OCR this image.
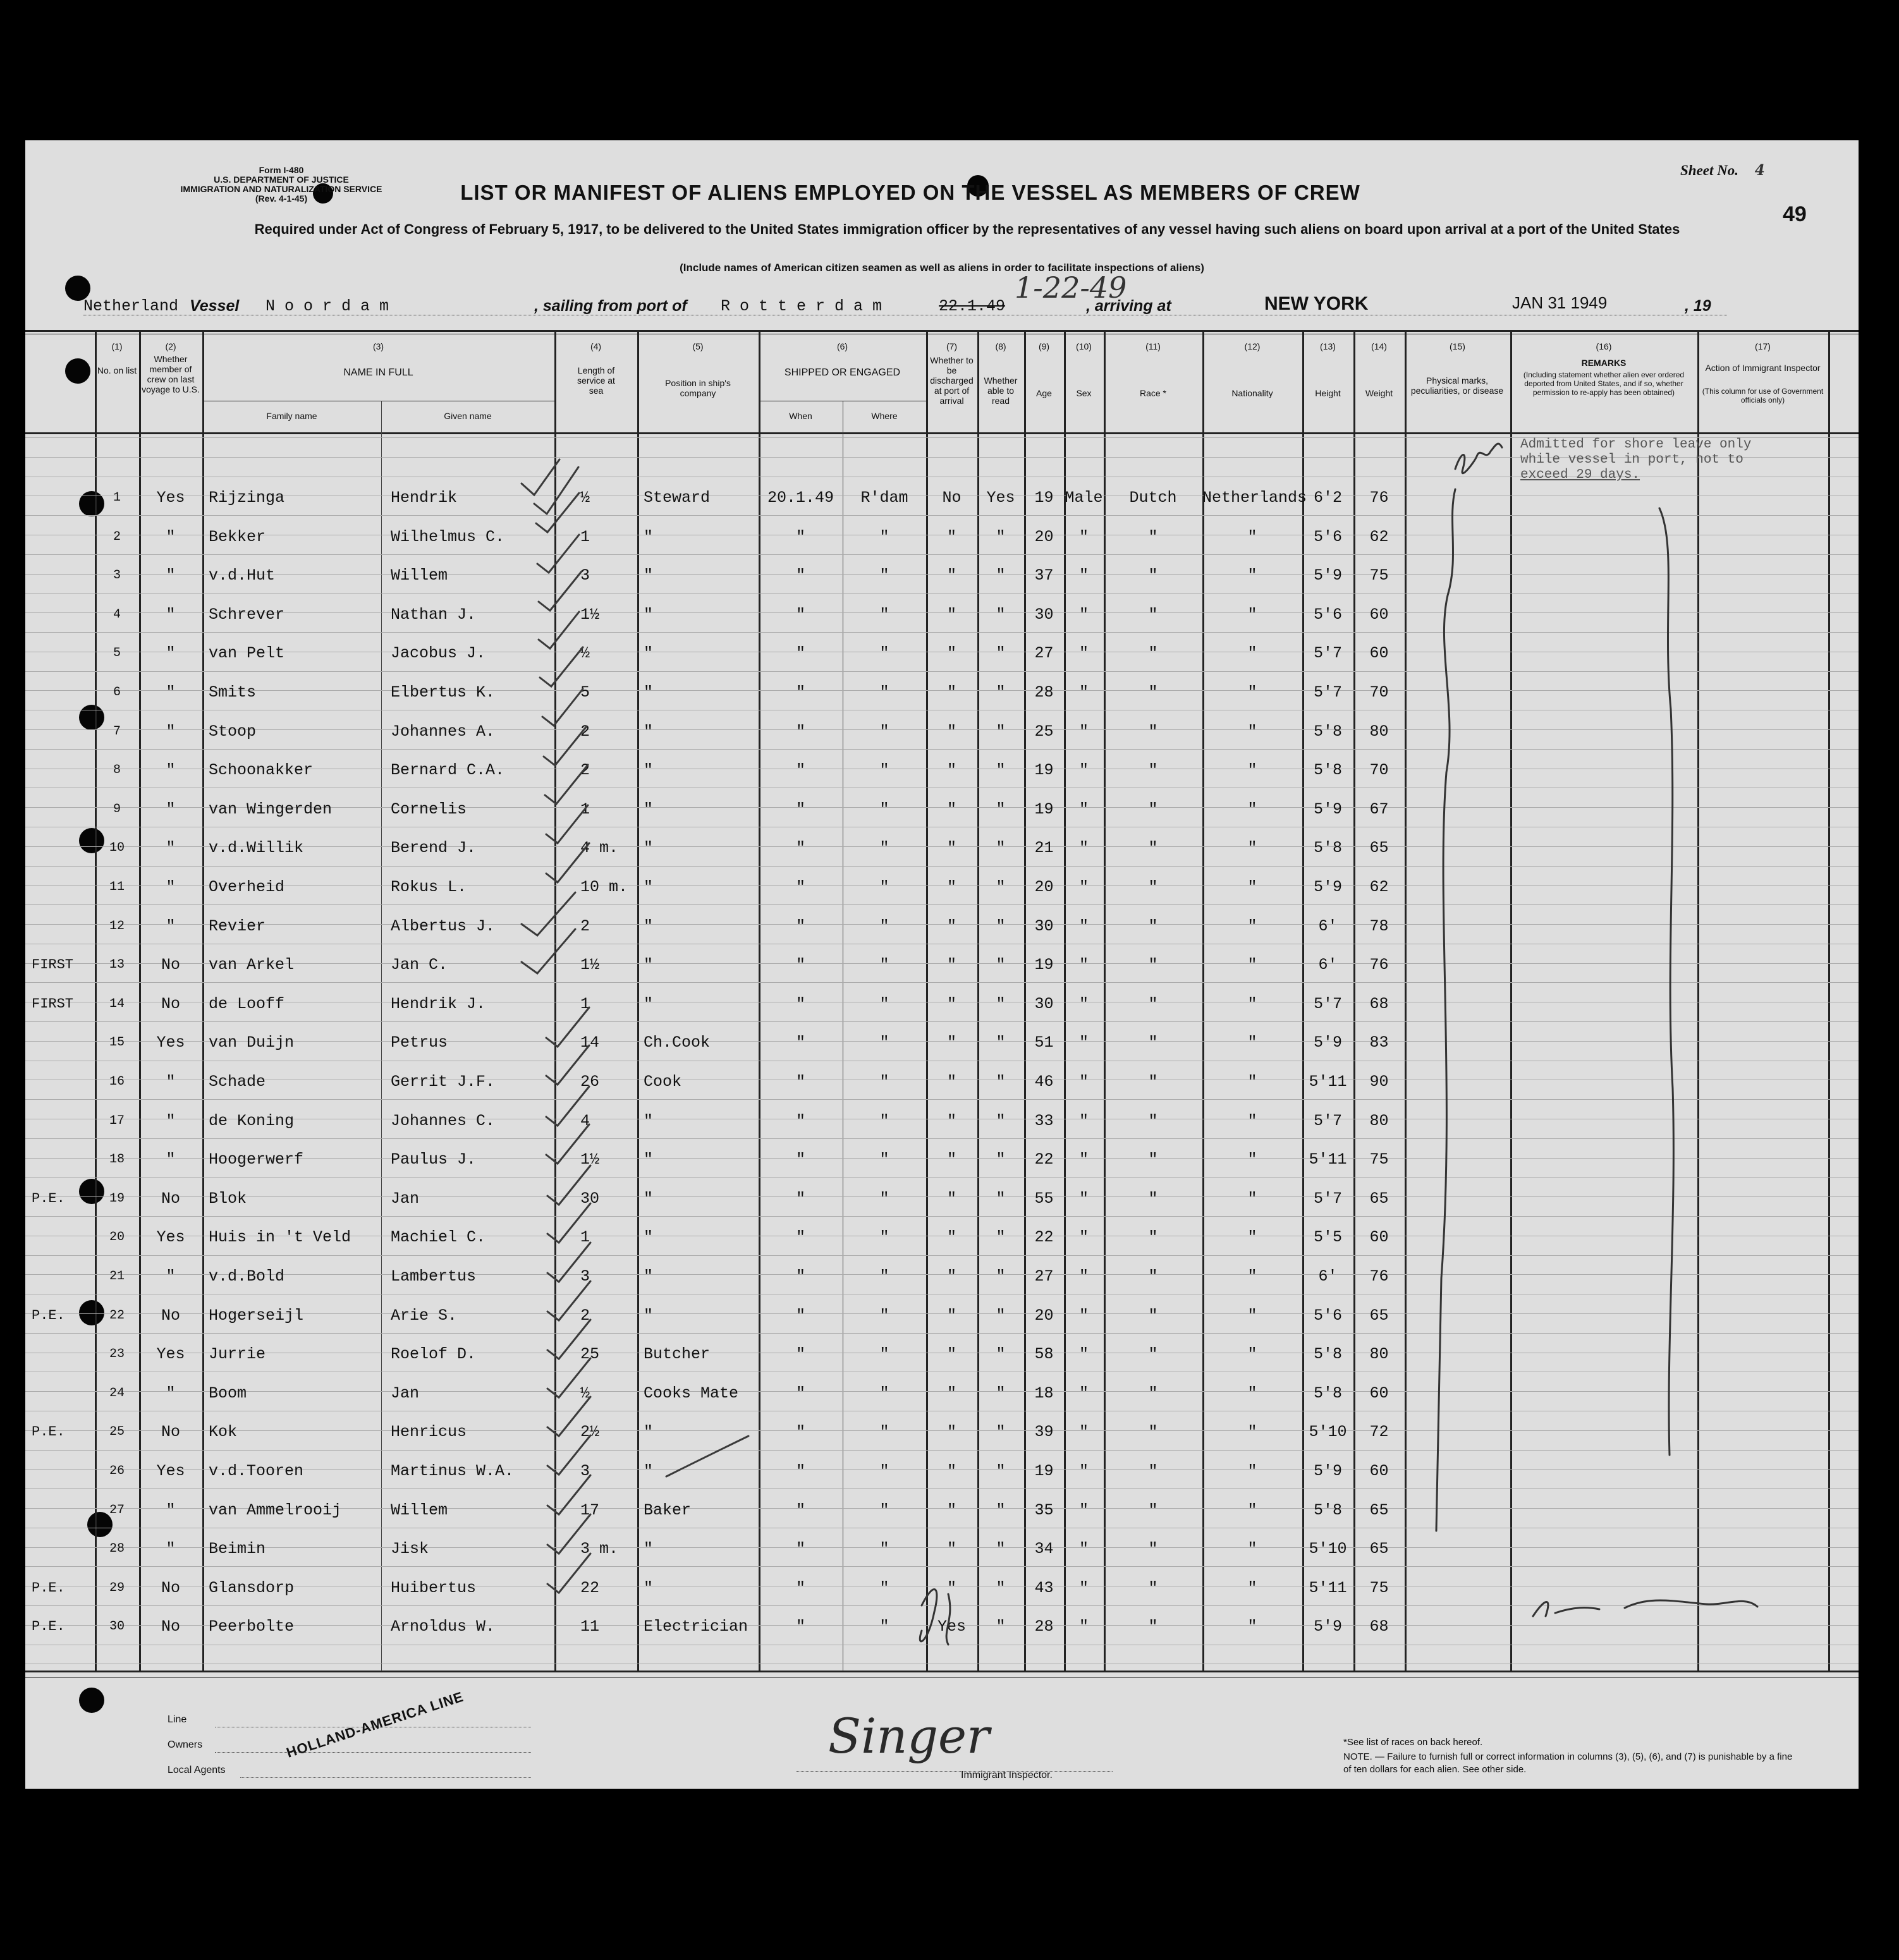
Form I-480
U.S. DEPARTMENT OF JUSTICE
IMMIGRATION AND NATURALIZATION SERVICE
(Rev. 4-1-45)
Sheet No. 4
49
LIST OR MANIFEST OF ALIENS EMPLOYED ON THE VESSEL AS MEMBERS OF CREW
Required under Act of Congress of February 5, 1917, to be delivered to the United States immigration officer by the representatives of any vessel having such aliens on board upon arrival at a port of the United States
(Include names of American citizen seamen as well as aliens in order to facilitate inspections of aliens)
Netherland Vessel N o o r d a m	, sailing from port of R o t t e r d a m	22.1.49
1-22-49
, arriving at	NEW YORK	JAN 31 1949	, 19
(1)
No. on list
(2)
Whether member of crew on last voyage to U.S.
(3)
NAME IN FULL
Family name	Given name
(4)
Length of service at sea
(5)
Position in ship's company
(6)
SHIPPED OR ENGAGED
When	Where
(7)
Whether to be discharged at port of arrival
(8)
Whether able to read
(9)
Age
(10)
Sex
(11)
Race *
(12)
Nationality
(13)
Height
(14)
Weight
(15)
Physical marks, peculiarities, or disease
(16)
REMARKS
(Including statement whether alien ever ordered deported from United States, and if so, whether permission to re-apply has been obtained)
(17)
Action of Immigrant Inspector
(This column for use of Government officials only)
1	Yes	Rijzinga	Hendrik	½	Steward	20.1.49	R'dam	No	Yes	19 Male	Dutch	Netherlands 6'2	76
2	"	Bekker	Wilhelmus C.	1	"	"	"	"	"	20	"	"	"	5'6	62
3	"	v.d.Hut	Willem	3	"	"	"	"	"	37	"	"	"	5'9	75
4	"	Schrever	Nathan J.	1½	"	"	"	"	"	30	"	"	"	5'6	60
5	"	van Pelt	Jacobus J.	½	"	"	"	"	"	27	"	"	"	5'7	60
6	"	Smits	Elbertus K.	5	"	"	"	"	"	28	"	"	"	5'7	70
7	"	Stoop	Johannes A.	2	"	"	"	"	"	25	"	"	"	5'8	80
8	"	Schoonakker	Bernard C.A.	2	"	"	"	"	"	19	"	"	"	5'8	70
9	"	van Wingerden	Cornelis	1	"	"	"	"	"	19	"	"	"	5'9	67
10	"	v.d.Willik	Berend J.	4 m.	"	"	"	"	"	21	"	"	"	5'8	65
11	"	Overheid	Rokus L.	10 m. "	"	"	"	"	20	"	"	"	5'9	62
12	"	Revier	Albertus J.	2	"	"	"	"	"	30	"	"	"	6'	78
FIRST	13	No	van Arkel	Jan C.	1½	"	"	"	"	"	19	"	"	"	6'	76
FIRST	14	No	de Looff	Hendrik J.	1	"	"	"	"	"	30	"	"	"	5'7	68
15	Yes	van Duijn	Petrus	14	Ch.Cook	"	"	"	"	51	"	"	"	5'9	83
16	"	Schade	Gerrit J.F.	26	Cook	"	"	"	"	46	"	"	"	5'11	90
17	"	de Koning	Johannes C.	4	"	"	"	"	"	33	"	"	"	5'7	80
18	"	Hoogerwerf	Paulus J.	1½	"	"	"	"	"	22	"	"	"	5'11	75
P.E.	19	No	Blok	Jan	30	"	"	"	"	"	55	"	"	"	5'7	65
20	Yes	Huis in 't Veld	Machiel C.	1	"	"	"	"	"	22	"	"	"	5'5	60
21	"	v.d.Bold	Lambertus	3	"	"	"	"	"	27	"	"	"	6'	76
P.E.	22	No	Hogerseijl	Arie S.	2	"	"	"	"	"	20	"	"	"	5'6	65
23	Yes	Jurrie	Roelof D.	25	Butcher	"	"	"	"	58	"	"	"	5'8	80
24	"	Boom	Jan	½	Cooks Mate	"	"	"	"	18	"	"	"	5'8	60
P.E.	25	No	Kok	Henricus	2½	"	"	"	"	"	39	"	"	"	5'10	72
26	Yes	v.d.Tooren	Martinus W.A.	3	"	"	"	"	"	19	"	"	"	5'9	60
27	"	van Ammelrooij	Willem	17	Baker	"	"	"	"	35	"	"	"	5'8	65
28	"	Beimin	Jisk	3 m.	"	"	"	"	"	34	"	"	"	5'10	65
P.E.	29	No	Glansdorp	Huibertus	22	"	"	"	"	"	43	"	"	"	5'11	75
P.E.	30	No	Peerbolte	Arnoldus W.	11	Electrician	"	"	Yes	"	28	"	"	"	5'9	68
Admitted for shore leave only
while vessel in port, not to
exceed 29 days.
Line
Owners
Local Agents
HOLLAND-AMERICA LINE	Singer
Immigrant Inspector.
*See list of races on back hereof.
NOTE. — Failure to furnish full or correct information in columns (3), (5), (6), and (7) is punishable by a fine of ten dollars for each alien. See other side.
